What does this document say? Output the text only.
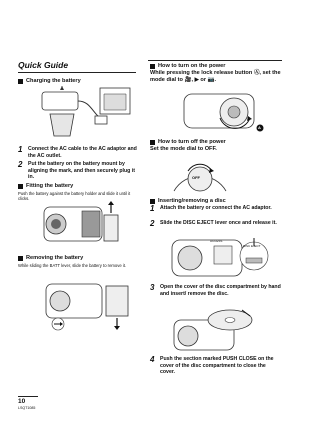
Quick Guide
Charging the battery
1	Connect the AC cable to the AC adaptor and the AC outlet.
2	Put the battery on the battery mount by aligning the mark, and then securely plug it in.
Fitting the battery
Push the battery against the battery holder and slide it until it clicks.
Removing the battery
While sliding the BATT lever, slide the battery to remove it.
How to turn on the power
While pressing the lock release button Ⓐ, set the mode dial to 🎥, ▶ or 📷.
A
How to turn off the power
Set the mode dial to OFF.
OFF
Inserting/removing a disc
1	Attach the battery or connect the AC adaptor.
2	Slide the DISC EJECT lever once and release it.
ACCESS
DISC EJECT
3	Open the cover of the disc compartment by hand and insert/ remove the disc.
4	Push the section marked PUSH CLOSE on the cover of the disc compartment to close the cover.
10
LSQT1085
